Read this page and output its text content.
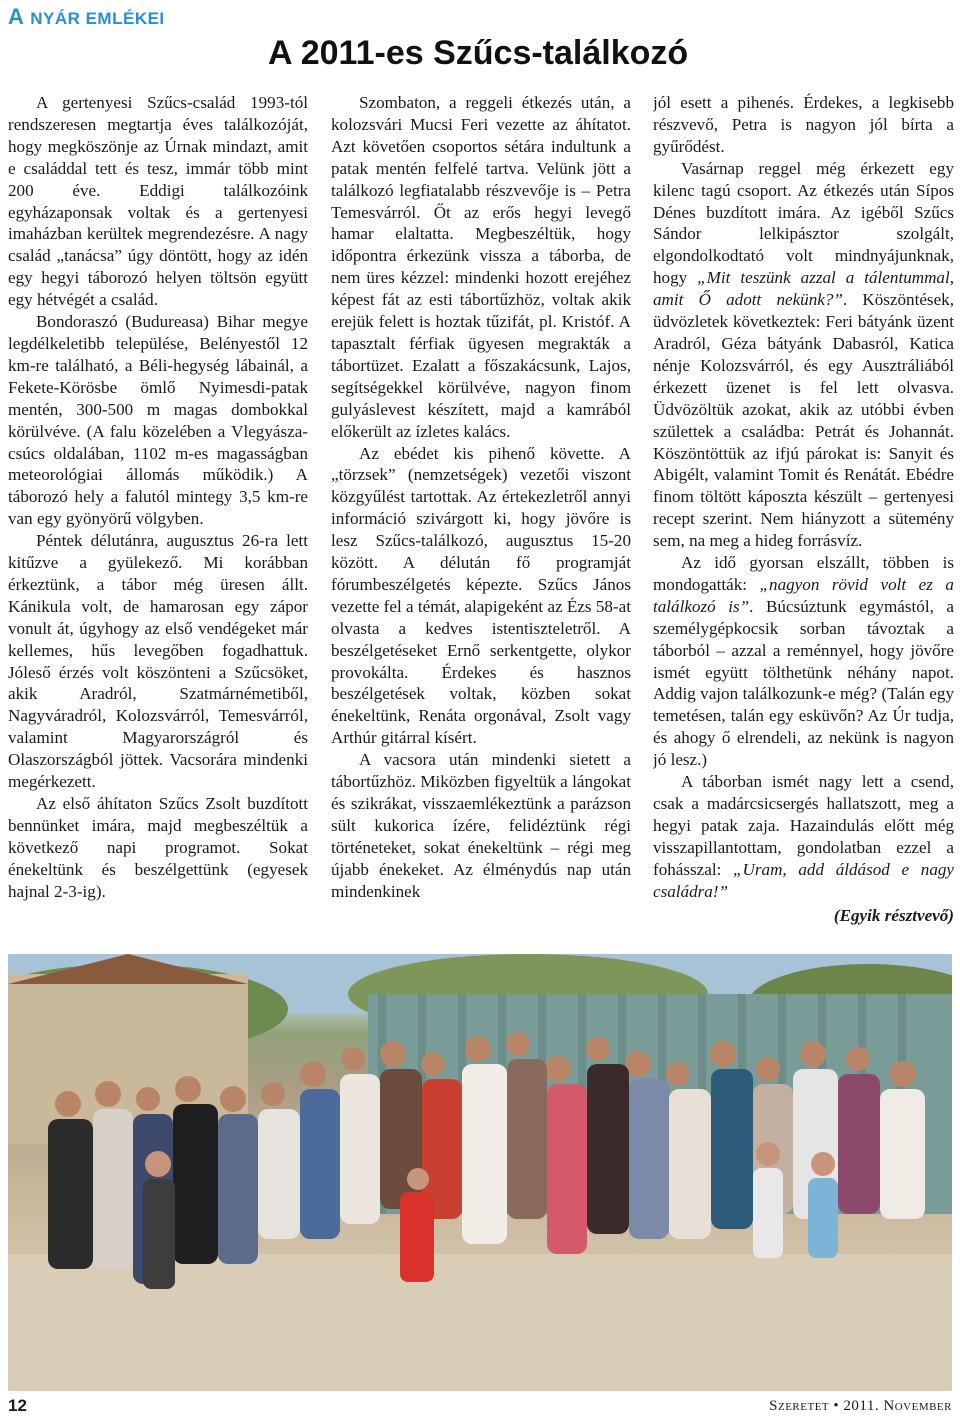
A NYÁR EMLÉKEI
A 2011-es Szűcs-találkozó

A gertenyesi Szűcs-család 1993-tól rendszeresen megtartja éves találkozóját, hogy megköszönje az Úrnak mindazt, amit e családdal tett és tesz, immár több mint 200 éve. Eddigi találkozóink egyházaponsak voltak és a gertenyesi imaházban kerültek megrendezésre. A nagy család „tanácsa” úgy döntött, hogy az idén egy hegyi táborozó helyen töltsön együtt egy hétvégét a család.

Bondoraszó (Budureasa) Bihar megye legdélkeletibb települése, Belényestől 12 km-re található, a Béli-hegység lábainál, a Fekete-Körösbe ömlő Nyimesdi-patak mentén, 300-500 m magas dombokkal körülvéve. (A falu közelében a Vlegyásza-csúcs oldalában, 1102 m-es magasságban meteorológiai állomás működik.) A táborozó hely a falutól mintegy 3,5 km-re van egy gyönyörű völgyben.

Péntek délutánra, augusztus 26-ra lett kitűzve a gyülekező. Mi korábban érkeztünk, a tábor még üresen állt. Kánikula volt, de hamarosan egy zápor vonult át, úgyhogy az első vendégeket már kellemes, hűs levegőben fogadhattuk. Jóleső érzés volt köszönteni a Szűcsöket, akik Aradról, Szatmárnémetiből, Nagyváradról, Kolozsvárról, Temesvárról, valamint Magyarországról és Olaszországból jöttek. Vacsorára mindenki megérkezett.

Az első áhítaton Szűcs Zsolt buzdított bennünket imára, majd megbeszéltük a következő napi programot. Sokat énekeltünk és beszélgettünk (egyesek hajnal 2-3-ig).

Szombaton, a reggeli étkezés után, a kolozsvári Mucsi Feri vezette az áhítatot. Azt követően csoportos sétára indultunk a patak mentén felfelé tartva. Velünk jött a találkozó legfiatalabb részvevője is – Petra Temesvárról. Őt az erős hegyi levegő hamar elaltatta. Megbeszéltük, hogy időpontra érkezünk vissza a táborba, de nem üres kézzel: mindenki hozott erejéhez képest fát az esti tábortűzhöz, voltak akik erejük felett is hoztak tűzifát, pl. Kristóf. A tapasztalt férfiak ügyesen megrakták a tábortüzet. Ezalatt a főszakácsunk, Lajos, segítségekkel körülvéve, nagyon finom gulyáslevest készített, majd a kamrából előkerült az ízletes kalács.

Az ebédet kis pihenő követte. A „törzsek” (nemzetségek) vezetői viszont közgyűlést tartottak. Az értekezletről annyi információ szivárgott ki, hogy jövőre is lesz Szűcs-találkozó, augusztus 15-20 között. A délután fő programját fórumbeszélgetés képezte. Szűcs János vezette fel a témát, alapigeként az Ézs 58-at olvasta a kedves istentiszteletről. A beszélgetéseket Ernő serkentgette, olykor provokálta. Érdekes és hasznos beszélgetések voltak, közben sokat énekeltünk, Renáta orgonával, Zsolt vagy Arthúr gitárral kísért.

A vacsora után mindenki sietett a tábortűzhöz. Miközben figyeltük a lángokat és szikrákat, visszaemlékeztünk a parázson sült kukorica ízére, felidéztünk régi történeteket, sokat énekeltünk – régi meg újabb énekeket. Az élménydús nap után mindenkinek

jól esett a pihenés. Érdekes, a legkisebb részvevő, Petra is nagyon jól bírta a gyűrődést.

Vasárnap reggel még érkezett egy kilenc tagú csoport. Az étkezés után Sípos Dénes buzdított imára. Az igéből Szűcs Sándor lelkipásztor szolgált, elgondolkodtató volt mindnyájunknak, hogy „Mit teszünk azzal a tálentummal, amit Ő adott nekünk?”. Köszöntések, üdvözletek következtek: Feri bátyánk üzent Aradról, Géza bátyánk Dabasról, Katica nénje Kolozsvárról, és egy Ausztráliából érkezett üzenet is fel lett olvasva. Üdvözöltük azokat, akik az utóbbi évben születtek a családba: Petrát és Johannát. Köszöntöttük az ifjú párokat is: Sanyit és Abigélt, valamint Tomit és Renátát. Ebédre finom töltött káposzta készült – gertenyesi recept szerint. Nem hiányzott a sütemény sem, na meg a hideg forrásvíz.

Az idő gyorsan elszállt, többen is mondogatták: „nagyon rövid volt ez a találkozó is”. Búcsúztunk egymástól, a személygépkocsik sorban távoztak a táborból – azzal a reménnyel, hogy jövőre ismét együtt tölthetünk néhány napot. Addig vajon találkozunk-e még? (Talán egy temetésen, talán egy esküvőn? Az Úr tudja, és ahogy ő elrendeli, az nekünk is nagyon jó lesz.)

A táborban ismét nagy lett a csend, csak a madárcsicsergés hallatszott, meg a hegyi patak zaja. Hazaindulás előtt még visszapillantottam, gondolatban ezzel a fohásszal: „Uram, add áldásod e nagy családra!”

(Egyik résztvevő)
12	Szeretet • 2011. November
